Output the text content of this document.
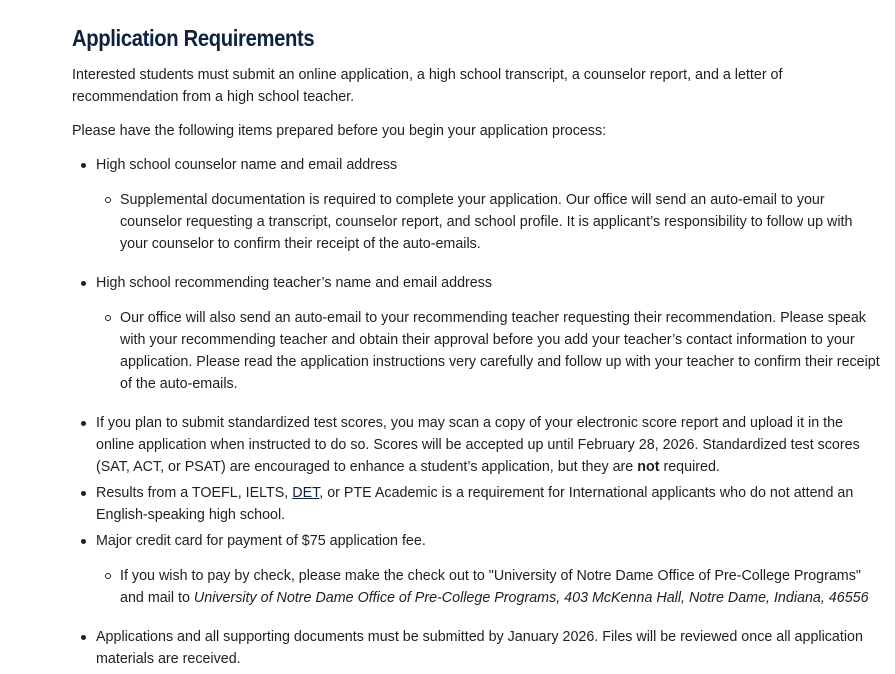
Application Requirements

Interested students must submit an online application, a high school transcript, a counselor report, and a letter of recommendation from a high school teacher.

Please have the following items prepared before you begin your application process:

High school counselor name and email address
Supplemental documentation is required to complete your application. Our office will send an auto-email to your counselor requesting a transcript, counselor report, and school profile. It is applicant’s responsibility to follow up with your counselor to confirm their receipt of the auto-emails.
High school recommending teacher’s name and email address
Our office will also send an auto-email to your recommending teacher requesting their recommendation. Please speak with your recommending teacher and obtain their approval before you add your teacher’s contact information to your application. Please read the application instructions very carefully and follow up with your teacher to confirm their receipt of the auto-emails.
If you plan to submit standardized test scores, you may scan a copy of your electronic score report and upload it in the online application when instructed to do so. Scores will be accepted up until February 28, 2026. Standardized test scores (SAT, ACT, or PSAT) are encouraged to enhance a student’s application, but they are not required.
Results from a TOEFL, IELTS, DET, or PTE Academic is a requirement for International applicants who do not attend an English-speaking high school.
Major credit card for payment of $75 application fee.
If you wish to pay by check, please make the check out to "University of Notre Dame Office of Pre-College Programs" and mail to University of Notre Dame Office of Pre-College Programs, 403 McKenna Hall, Notre Dame, Indiana, 46556
Applications and all supporting documents must be submitted by January 2026. Files will be reviewed once all application materials are received.
